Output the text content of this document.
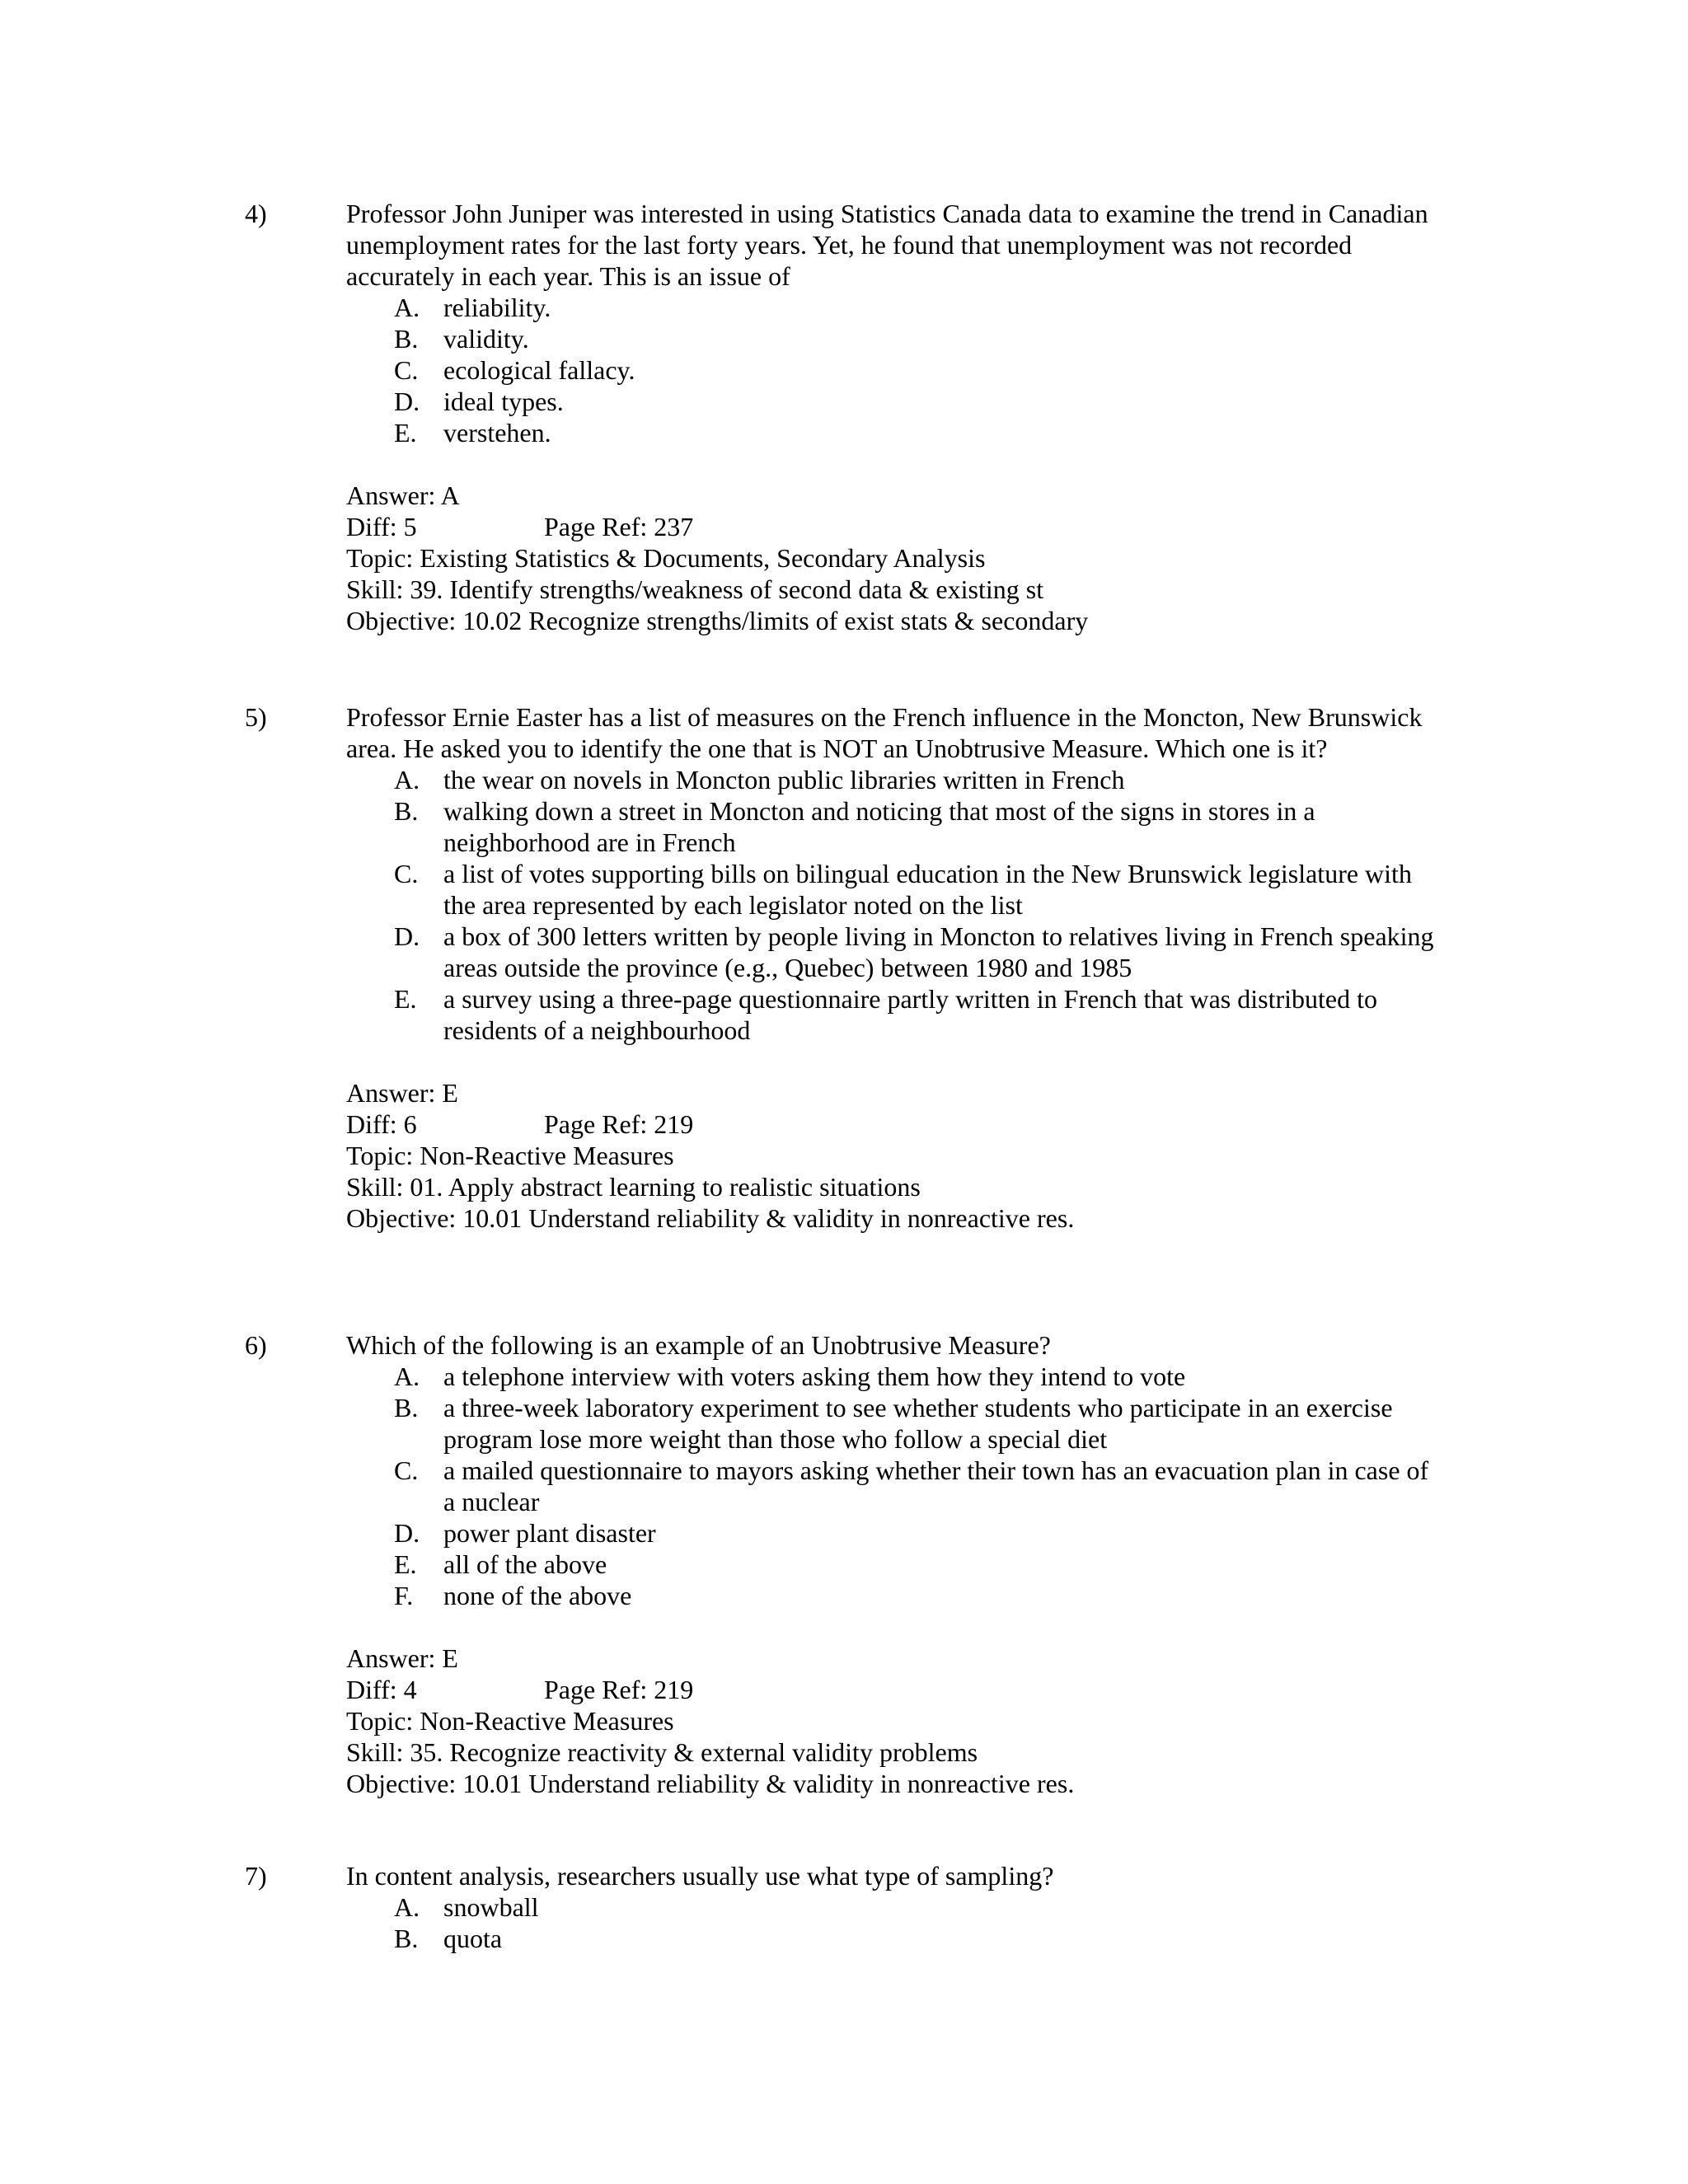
4)	Professor John Juniper was interested in using Statistics Canada data to examine the trend in Canadian unemployment rates for the last forty years. Yet, he found that unemployment was not recorded accurately in each year. This is an issue of

A. reliability.
B. validity.
C. ecological fallacy.
D. ideal types.
E.	verstehen.

Answer: A

Diff: 5	Page Ref: 237

Topic: Existing Statistics & Documents, Secondary Analysis

Skill: 39. Identify strengths/weakness of second data & existing st

Objective: 10.02 Recognize strengths/limits of exist stats & secondary

5)	Professor Ernie Easter has a list of measures on the French influence in the Moncton, New Brunswick area. He asked you to identify the one that is NOT an Unobtrusive Measure. Which one is it?

A. the wear on novels in Moncton public libraries written in French
B. walking down a street in Moncton and noticing that most of the signs in stores in a neighborhood are in French
C. a list of votes supporting bills on bilingual education in the New Brunswick legislature with the area represented by each legislator noted on the list
D. a box of 300 letters written by people living in Moncton to relatives living in French speaking areas outside the province (e.g., Quebec) between 1980 and 1985
E.	a survey using a three-page questionnaire partly written in French that was distributed to residents of a neighbourhood

Answer: E

Diff: 6	Page Ref: 219

Topic: Non-Reactive Measures

Skill: 01. Apply abstract learning to realistic situations

Objective: 10.01 Understand reliability & validity in nonreactive res.

6)	Which of the following is an example of an Unobtrusive Measure?

A. a telephone interview with voters asking them how they intend to vote
B. a three-week laboratory experiment to see whether students who participate in an exercise program lose more weight than those who follow a special diet
C. a mailed questionnaire to mayors asking whether their town has an evacuation plan in case of a nuclear
D. power plant disaster
E.	all of the above
F.	none of the above

Answer: E

Diff: 4	Page Ref: 219

Topic: Non-Reactive Measures

Skill: 35. Recognize reactivity & external validity problems

Objective: 10.01 Understand reliability & validity in nonreactive res.

7)	In content analysis, researchers usually use what type of sampling?

A. snowball
B. quota
